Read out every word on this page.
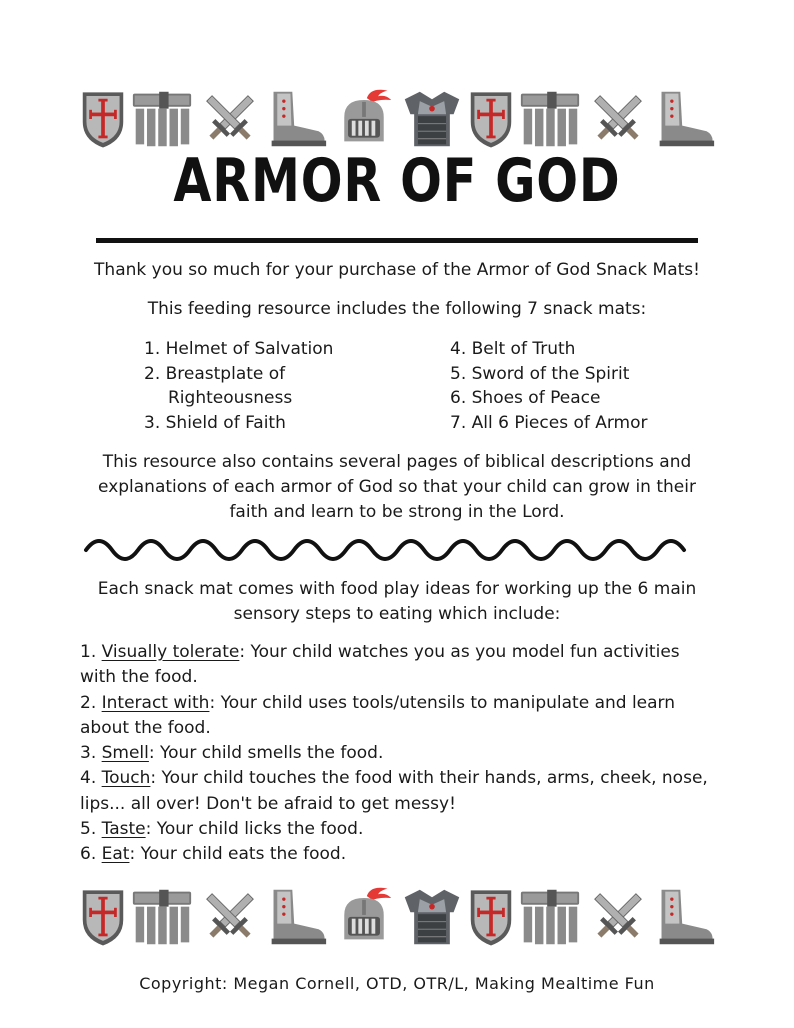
ARMOR OF GOD
Thank you so much for your purchase of the Armor of God Snack Mats!
This feeding resource includes the following 7 snack mats:
1. Helmet of Salvation
2. Breastplate of
Righteousness
3. Shield of Faith
4. Belt of Truth
5. Sword of the Spirit
6. Shoes of Peace
7. All 6 Pieces of Armor
This resource also contains several pages of biblical descriptions and explanations of each armor of God so that your child can grow in their faith and learn to be strong in the Lord.
Each snack mat comes with food play ideas for working up the 6 main sensory steps to eating which include:
1. Visually tolerate: Your child watches you as you model fun activities with the food.
2. Interact with: Your child uses tools/utensils to manipulate and learn about the food.
3. Smell: Your child smells the food.
4. Touch: Your child touches the food with their hands, arms, cheek, nose, lips... all over! Don't be afraid to get messy!
5. Taste: Your child licks the food.
6. Eat: Your child eats the food.
Copyright: Megan Cornell, OTD, OTR/L, Making Mealtime Fun
